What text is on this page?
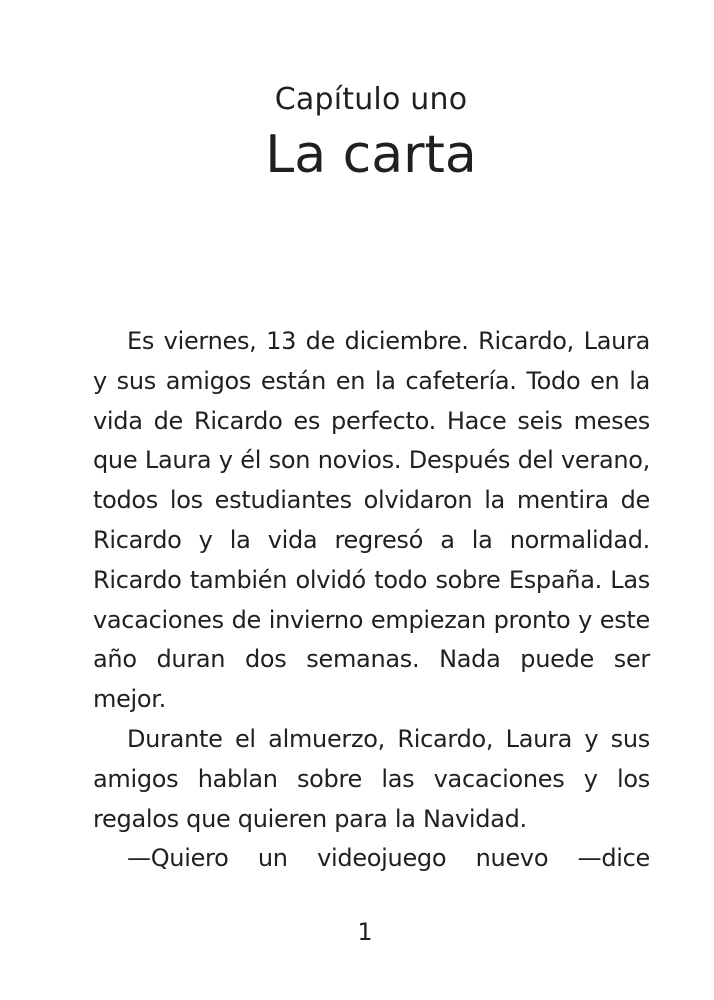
Capítulo uno
La carta

Es viernes, 13 de diciembre. Ricardo, Laura y sus amigos están en la cafetería. Todo en la vida de Ricardo es perfecto. Hace seis meses que Laura y él son novios. Después del verano, todos los estudiantes olvidaron la mentira de Ricardo y la vida regresó a la normalidad. Ricardo también olvidó todo sobre España. Las vacaciones de invierno empiezan pronto y este año duran dos semanas. Nada puede ser mejor.

Durante el almuerzo, Ricardo, Laura y sus amigos hablan sobre las vacaciones y los regalos que quieren para la Navidad.

—Quiero un videojuego nuevo —dice

1
